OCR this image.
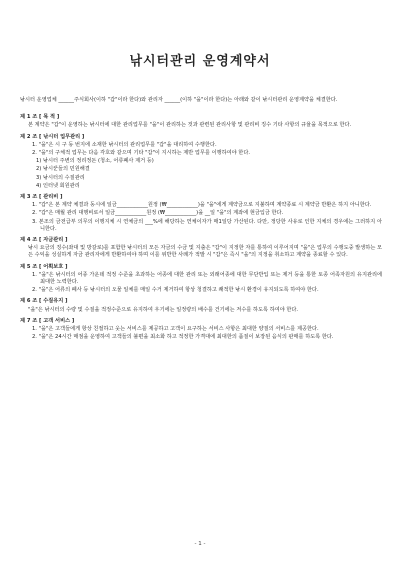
낚시터관리 운영계약서

낚시터 운영업체 ______주식회사(이하 "갑"이라 한다)와 관리자 ______(이하 "을"이라 한다)는 아래와 같이 낚시터관리 운영계약을 체결한다.

제 1 조 [ 목 적 ]
본 계약은 "갑"이 운영하는 낚시터에 대한 관리업무를 "을"이 관리하는 것과 관련된 관리사항 및 관리비 징수 기타 사항의 규율을 목적으로 한다.
제 2 조 [ 낚시터 업무관리 ]
1. "을"은 시 구 동 번지에 소재한 낚시터의 관리업무를 "갑"을 대리하여 수행한다.
2. "을"의 구체적 업무는 다음 각호와 같으며 기타 "갑"이 지시하는 제반 업무를 이행하여야 한다.
1) 낚시터 주변의 정리정돈 (청소, 어류폐사 제거 등)
2) 낚시꾼들의 민원해결
3) 낚시터의 수질관리
4) 인터넷 회원관리
제 3 조 [ 관리비 ]
1. "갑"은 본 계약 체결과 동시에 일금____________원정 (₩____________)을 "을"에게 계약금으로 지불하며 계약종료 시 계약금 반환은 하지 아니한다.
2. "갑"은 매월 관리 대행비로서 일금____________원정 (₩____________)을 __일 "을"의 계좌에 현금입금 한다.
3. 본조의 금전급부 의무의 이행지체 시 연체금의 ___%에 해당하는 연체이자가 매1일당 가산된다. 다만, 정당한 사유로 인한 지체의 경우에는 그러하지 아니한다.
제 4 조 [ 자금관리 ]
낚시 요금의 징수(좌대 및 방갈로)를 포함한 낚시터의 모든 자금의 수금 및 지출은 "갑"이 지정한 자를 통하여 이루어지며 "을"은 업무의 수행도중 발생하는 모든 수익을 성실하게 자금 관리자에게 반환하여야 하며 이를 위반한 사례가 적발 시 "갑"은 즉시 "을"의 지정을 취소하고 계약을 종료할 수 있다.
제 5 조 [ 어획보호 ]
1. "을"은 낚시터의 어종 가운데 적정 수준을 초과하는 어종에 대한 관리 또는 외래어종에 대한 무단반입 또는 제거 등을 통한 토종 어족자원의 유지관리에 최대한 노력한다.
2. "을"은 어류의 폐사 등 낚시터의 오물 일체를 매일 수거 제거하여 항상 청결하고 쾌적한 낚시 환경이 유지되도록 하여야 한다.
제 6 조 [ 수질유지 ]
"을"은 낚시터의 수량 및 수질을 적정수준으로 유지하여 우기에는 일정량의 배수를 건기에는 저수를 하도록 하여야 한다.
제 7 조 [ 고객 서비스 ]
1. "을"은 고객들에게 항상 친절하고 웃는 서비스를 제공하고 고객이 요구하는 서비스 사항은 최대한 양질의 서비스를 제공한다.
2. "을"은 24시간 매점을 운영하여 고객들의 불편을 최소화 하고 적정한 가격대에 최대한의 품질이 보장된 음식의 판매를 하도록 한다.
- 1 -
